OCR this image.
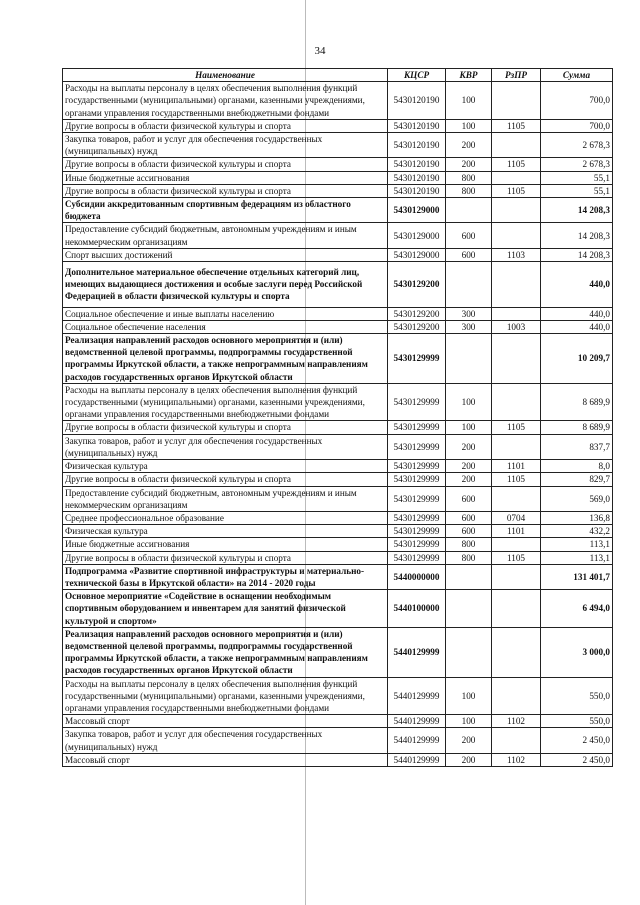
34
Наименование	КЦСР	КВР	РзПР	Сумма
Расходы на выплаты персоналу в целях обеспечения выполнения функций государственными (муниципальными) органами, казенными учреждениями, органами управления государственными внебюджетными фондами	5430120190	100		700,0
Другие вопросы в области физической культуры и спорта	5430120190	100	1105	700,0
Закупка товаров, работ и услуг для обеспечения государственных (муниципальных) нужд	5430120190	200		2 678,3
Другие вопросы в области физической культуры и спорта	5430120190	200	1105	2 678,3
Иные бюджетные ассигнования	5430120190	800		55,1
Другие вопросы в области физической культуры и спорта	5430120190	800	1105	55,1
Субсидии аккредитованным спортивным федерациям из областного бюджета	5430129000			14 208,3
Предоставление субсидий бюджетным, автономным учреждениям и иным некоммерческим организациям	5430129000	600		14 208,3
Спорт высших достижений	5430129000	600	1103	14 208,3
Дополнительное материальное обеспечение отдельных категорий лиц, имеющих выдающиеся достижения и особые заслуги перед Российской Федерацией в области физической культуры и спорта	5430129200			440,0
Социальное обеспечение и иные выплаты населению	5430129200	300		440,0
Социальное обеспечение населения	5430129200	300	1003	440,0
Реализация направлений расходов основного мероприятия и (или) ведомственной целевой программы, подпрограммы государственной программы Иркутской области, а также непрограммным направлениям расходов государственных органов Иркутской области	5430129999			10 209,7
Расходы на выплаты персоналу в целях обеспечения выполнения функций государственными (муниципальными) органами, казенными учреждениями, органами управления государственными внебюджетными фондами	5430129999	100		8 689,9
Другие вопросы в области физической культуры и спорта	5430129999	100	1105	8 689,9
Закупка товаров, работ и услуг для обеспечения государственных (муниципальных) нужд	5430129999	200		837,7
Физическая культура	5430129999	200	1101	8,0
Другие вопросы в области физической культуры и спорта	5430129999	200	1105	829,7
Предоставление субсидий бюджетным, автономным учреждениям и иным некоммерческим организациям	5430129999	600		569,0
Среднее профессиональное образование	5430129999	600	0704	136,8
Физическая культура	5430129999	600	1101	432,2
Иные бюджетные ассигнования	5430129999	800		113,1
Другие вопросы в области физической культуры и спорта	5430129999	800	1105	113,1
Подпрограмма «Развитие спортивной инфраструктуры и материально- технической базы в Иркутской области» на 2014 - 2020 годы	5440000000			131 401,7
Основное мероприятие «Содействие в оснащении необходимым спортивным оборудованием и инвентарем для занятий физической культурой и спортом»	5440100000			6 494,0
Реализация направлений расходов основного мероприятия и (или) ведомственной целевой программы, подпрограммы государственной программы Иркутской области, а также непрограммным направлениям расходов государственных органов Иркутской области	5440129999			3 000,0
Расходы на выплаты персоналу в целях обеспечения выполнения функций государственными (муниципальными) органами, казенными учреждениями, органами управления государственными внебюджетными фондами	5440129999	100		550,0
Массовый спорт	5440129999	100	1102	550,0
Закупка товаров, работ и услуг для обеспечения государственных (муниципальных) нужд	5440129999	200		2 450,0
Массовый спорт	5440129999	200	1102	2 450,0
